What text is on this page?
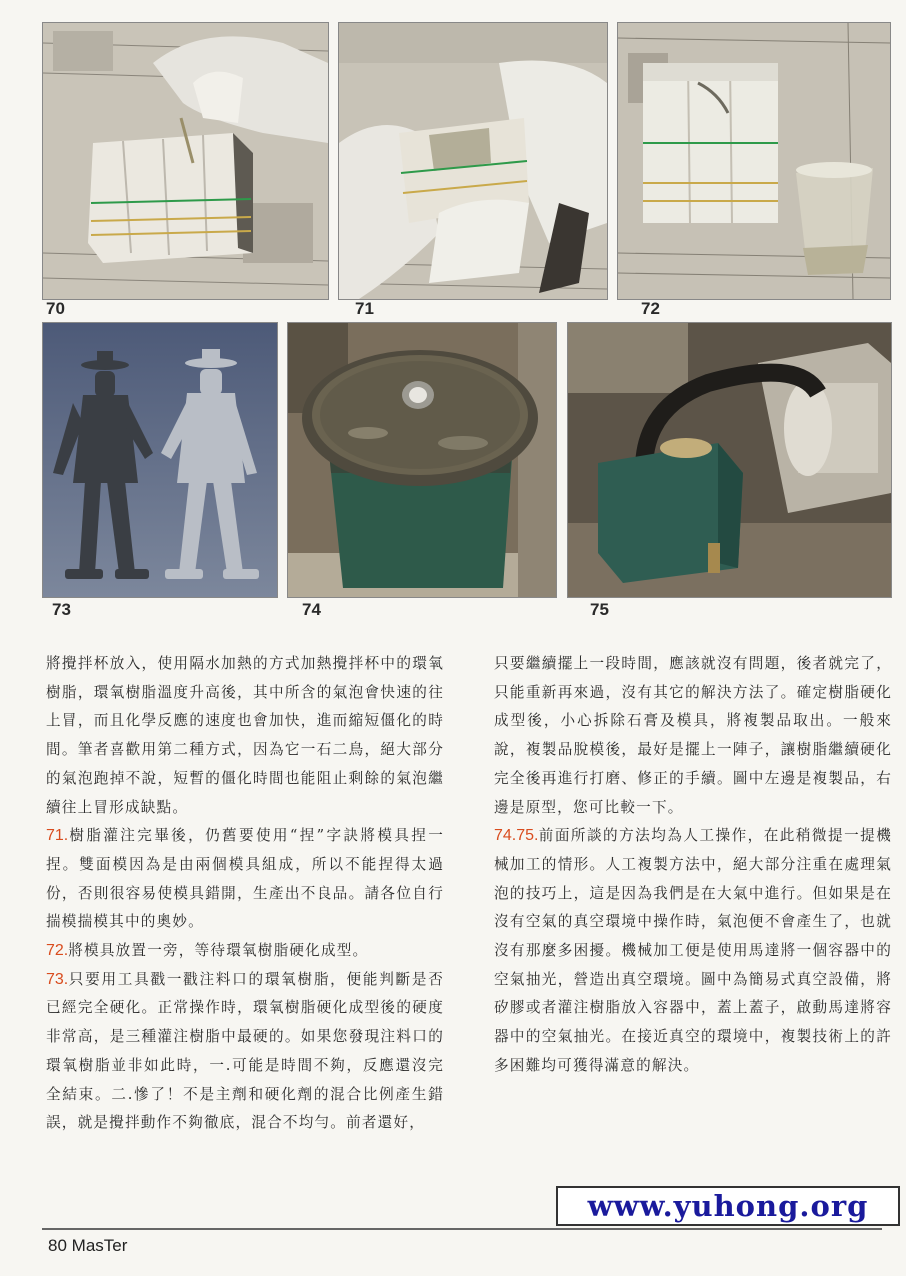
70	71	72
73	74	75

將攪拌杯放入，使用隔水加熱的方式加熱攪拌杯中的環氧樹脂，環氧樹脂溫度升高後，其中所含的氣泡會快速的往上冒，而且化學反應的速度也會加快，進而縮短僵化的時間。筆者喜歡用第二種方式，因為它一石二鳥，絕大部分的氣泡跑掉不說，短暫的僵化時間也能阻止剩餘的氣泡繼續往上冒形成缺點。

71.樹脂灌注完畢後，仍舊要使用“捏”字訣將模具捏一捏。雙面模因為是由兩個模具組成，所以不能捏得太過份，否則很容易使模具錯開，生產出不良品。請各位自行揣模揣模其中的奧妙。

72.將模具放置一旁，等待環氧樹脂硬化成型。

73.只要用工具戳一戳注料口的環氧樹脂，便能判斷是否已經完全硬化。正常操作時，環氧樹脂硬化成型後的硬度非常高，是三種灌注樹脂中最硬的。如果您發現注料口的環氧樹脂並非如此時，一.可能是時間不夠，反應還沒完全結束。二.慘了！不是主劑和硬化劑的混合比例產生錯誤，就是攪拌動作不夠徹底，混合不均勻。前者還好，

只要繼續擺上一段時間，應該就沒有問題，後者就完了，只能重新再來過，沒有其它的解決方法了。確定樹脂硬化成型後，小心拆除石膏及模具，將複製品取出。一般來說，複製品脫模後，最好是擺上一陣子，讓樹脂繼續硬化完全後再進行打磨、修正的手續。圖中左邊是複製品，右邊是原型，您可比較一下。

74.75.前面所談的方法均為人工操作，在此稍微提一提機械加工的情形。人工複製方法中，絕大部分注重在處理氣泡的技巧上，這是因為我們是在大氣中進行。但如果是在沒有空氣的真空環境中操作時，氣泡便不會產生了，也就沒有那麼多困擾。機械加工便是使用馬達將一個容器中的空氣抽光，營造出真空環境。圖中為簡易式真空設備，將矽膠或者灌注樹脂放入容器中，蓋上蓋子，啟動馬達將容器中的空氣抽光。在接近真空的環境中，複製技術上的許多困難均可獲得滿意的解決。

www.yuhong.org
80 MasTer
